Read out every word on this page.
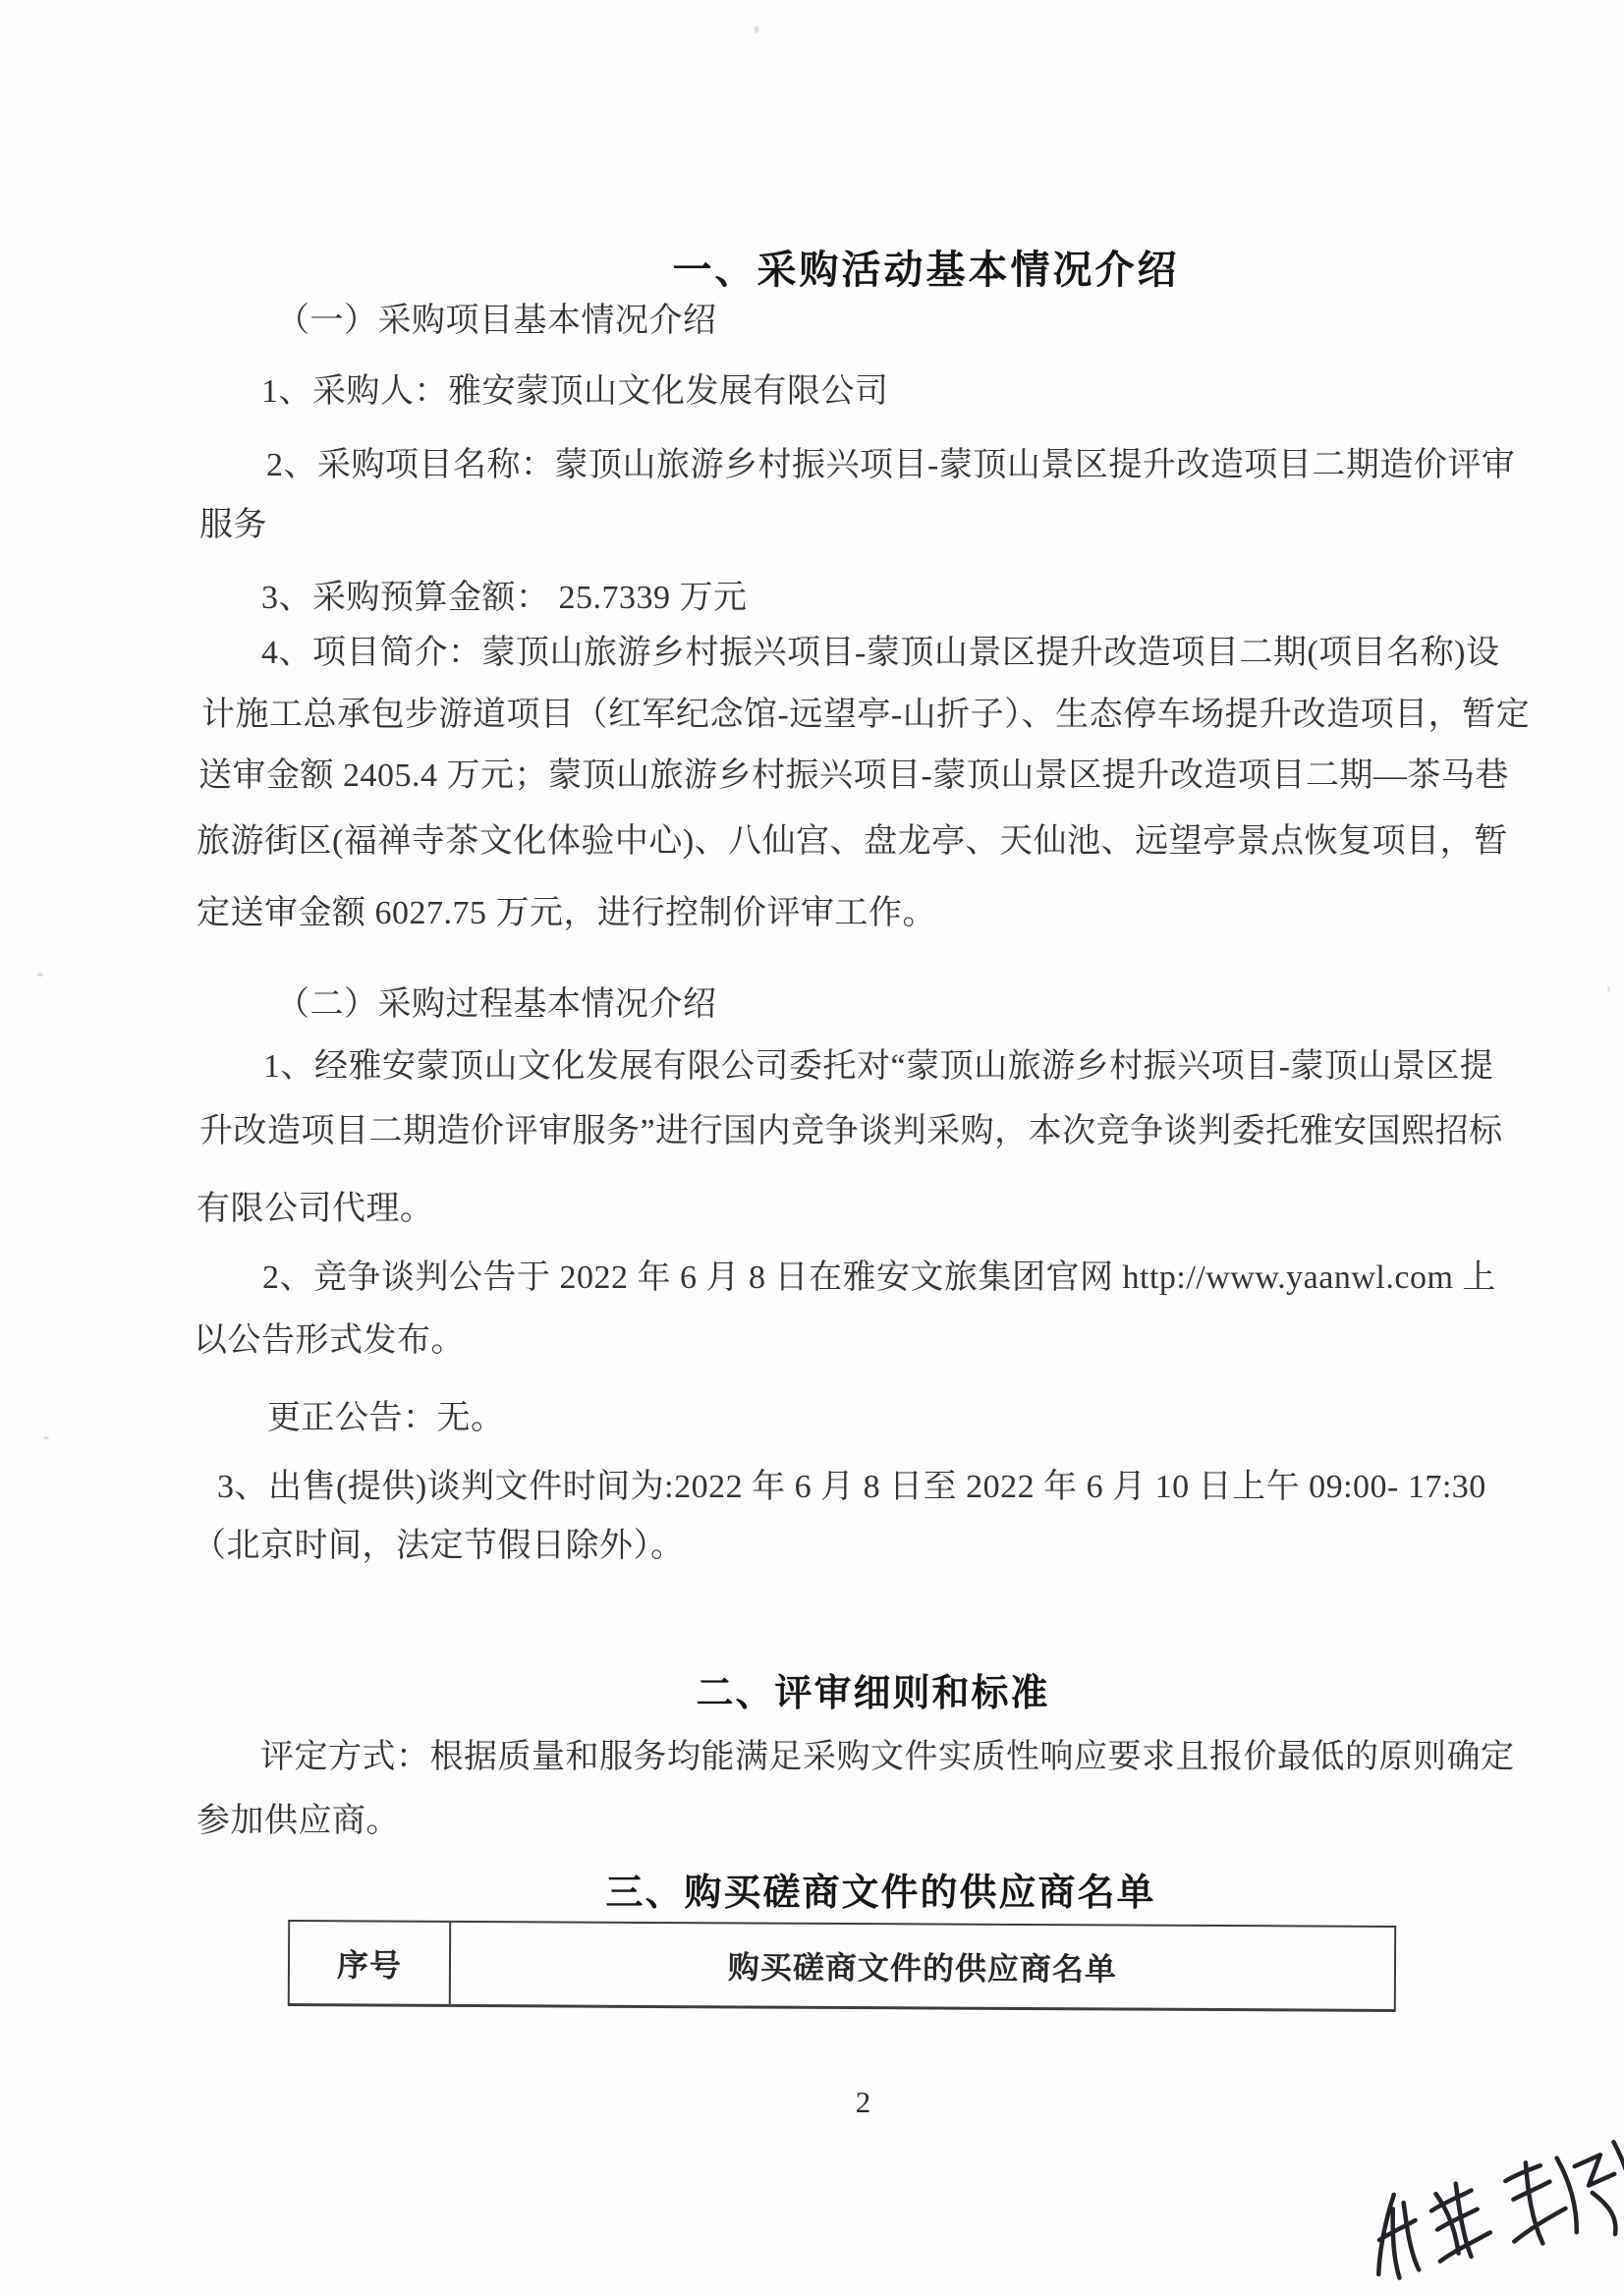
一、采购活动基本情况介绍
（一）采购项目基本情况介绍
1、采购人：雅安蒙顶山文化发展有限公司
2、采购项目名称：蒙顶山旅游乡村振兴项目-蒙顶山景区提升改造项目二期造价评审
服务
3、采购预算金额： 25.7339 万元
4、项目简介：蒙顶山旅游乡村振兴项目-蒙顶山景区提升改造项目二期(项目名称)设
计施工总承包步游道项目（红军纪念馆-远望亭-山折子）、生态停车场提升改造项目，暂定
送审金额 2405.4 万元；蒙顶山旅游乡村振兴项目-蒙顶山景区提升改造项目二期—茶马巷
旅游街区(福禅寺茶文化体验中心)、八仙宫、盘龙亭、天仙池、远望亭景点恢复项目，暂
定送审金额 6027.75 万元，进行控制价评审工作。
（二）采购过程基本情况介绍
1、经雅安蒙顶山文化发展有限公司委托对“蒙顶山旅游乡村振兴项目-蒙顶山景区提
升改造项目二期造价评审服务”进行国内竞争谈判采购，本次竞争谈判委托雅安国熙招标
有限公司代理。
2、竞争谈判公告于 2022 年 6 月 8 日在雅安文旅集团官网 http://www.yaanwl.com 上
以公告形式发布。
更正公告：无。
3、出售(提供)谈判文件时间为:2022 年 6 月 8 日至 2022 年 6 月 10 日上午 09:00- 17:30
（北京时间，法定节假日除外）。
二、评审细则和标准
评定方式：根据质量和服务均能满足采购文件实质性响应要求且报价最低的原则确定
参加供应商。
三、购买磋商文件的供应商名单
序号	购买磋商文件的供应商名单
2
